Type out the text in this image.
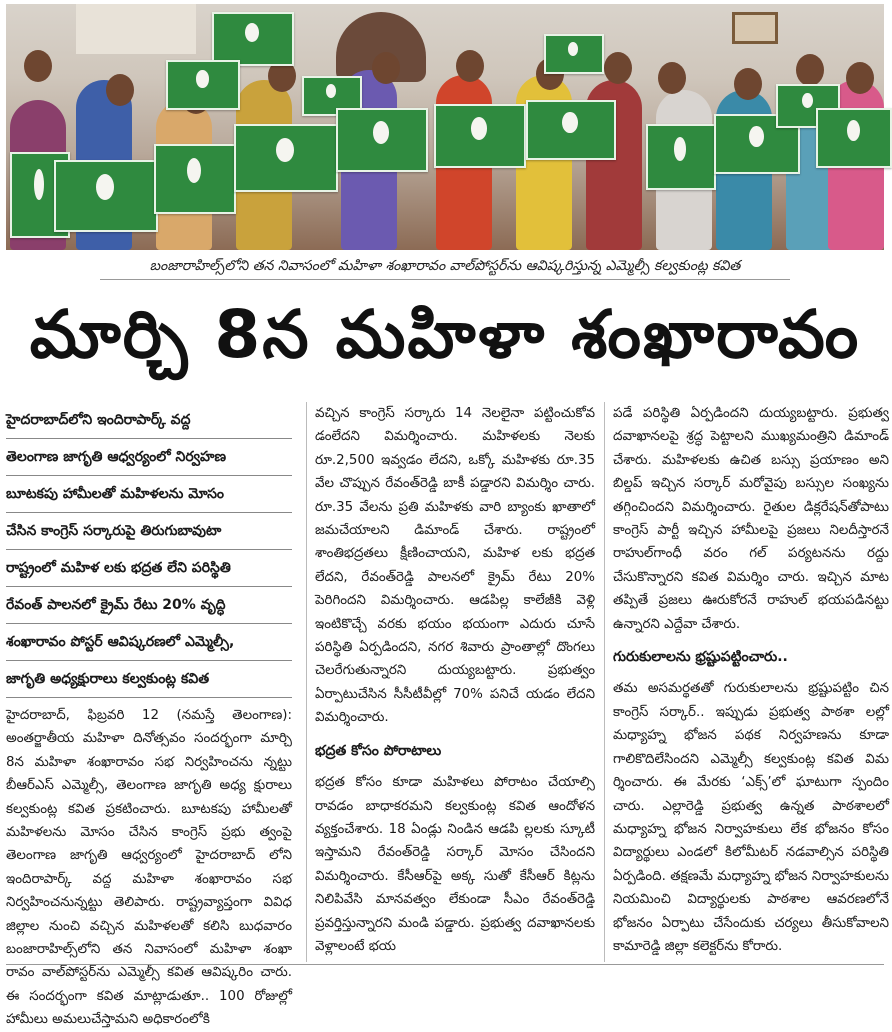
బంజారాహిల్స్‌లోని తన నివాసంలో మహిళా శంఖారావం వాల్‌పోస్టర్‌ను ఆవిష్కరిస్తున్న ఎమ్మెల్సీ కల్వకుంట్ల కవిత
మార్చి 8న మహిళా శంఖారావం
హైదరాబాద్‌లోని ఇందిరాపార్క్ వద్ద
తెలంగాణ జాగృతి ఆధ్వర్యంలో నిర్వహణ
బూటకపు హామీలతో మహిళలను మోసం
చేసిన కాంగ్రెస్ సర్కారుపై తిరుగుబావుటా
రాష్ట్రంలో మహిళ లకు భద్రత లేని పరిస్థితి
రేవంత్ పాలనలో క్రైమ్ రేటు 20% వృద్ధి
శంఖారావం పోస్టర్ ఆవిష్కరణలో ఎమ్మెల్సీ,
జాగృతి అధ్యక్షురాలు కల్వకుంట్ల కవిత

హైదరాబాద్, ఫిబ్రవరి 12 (నమస్తే తెలంగాణ): అంతర్జాతీయ మహిళా దినోత్సవం సందర్భంగా మార్చి 8న మహిళా శంఖారావం సభ నిర్వహించను న్నట్టు బీఆర్ఎస్ ఎమ్మెల్సీ, తెలంగాణ జాగృతి అధ్య క్షురాలు కల్వకుంట్ల కవిత ప్రకటించారు. బూటకపు హామీలతో మహిళలను మోసం చేసిన కాంగ్రెస్ ప్రభు త్వంపై తెలంగాణ జాగృతి ఆధ్వర్యంలో హైదరాబాద్ లోని ఇందిరాపార్క్ వద్ద మహిళా శంఖారావం సభ నిర్వహించనున్నట్టు తెలిపారు. రాష్ట్రవ్యాప్తంగా వివిధ జిల్లాల నుంచి వచ్చిన మహిళలతో కలిసి బుధవారం బంజారాహిల్స్‌లోని తన నివాసంలో మహిళా శంఖా రావం వాల్‌పోస్టర్‌ను ఎమ్మెల్సీ కవిత ఆవిష్కరిం చారు. ఈ సందర్భంగా కవిత మాట్లాడుతూ.. 100 రోజుల్లో హామీలు అమలుచేస్తామని అధికారంలోకి

వచ్చిన కాంగ్రెస్ సర్కారు 14 నెలలైనా పట్టించుకోవ డంలేదని విమర్శించారు. మహిళలకు నెలకు రూ.2,500 ఇవ్వడం లేదని, ఒక్కో మహిళకు రూ.35 వేల చొప్పున రేవంత్‌రెడ్డి బాకీ పడ్డారని విమర్శిం చారు. రూ.35 వేలను ప్రతి మహిళకు వారి బ్యాంకు ఖాతాలో జమచేయాలని డిమాండ్ చేశారు. రాష్ట్రంలో శాంతిభద్రతలు క్షీణించాయని, మహిళ లకు భద్రత లేదని, రేవంత్‌రెడ్డి పాలనలో క్రైమ్ రేటు 20% పెరిగిందని విమర్శించారు. ఆడపిల్ల కాలేజీకి వెళ్లి ఇంటికొచ్చే వరకు భయం భయంగా ఎదురు చూసే పరిస్థితి ఏర్పడిందని, నగర శివారు ప్రాంతాల్లో దొంగలు చెలరేగుతున్నారని దుయ్యబట్టారు. ప్రభుత్వం ఏర్పాటుచేసిన సీసీటీవీల్లో 70% పనిచే యడం లేదని విమర్శించారు.

భద్రత కోసం పోరాటాలు

భద్రత కోసం కూడా మహిళలు పోరాటం చేయాల్సి రావడం బాధాకరమని కల్వకుంట్ల కవిత ఆందోళన వ్యక్తంచేశారు. 18 ఏండ్లు నిండిన ఆడపి ల్లలకు స్కూటీ ఇస్తామని రేవంత్‌రెడ్డి సర్కార్ మోసం చేసిందని విమర్శించారు. కేసీఆర్‌పై అక్క సుతో కేసీఆర్ కిట్లను నిలిపివేసి మానవత్వం లేకుండా సీఎం రేవంత్‌రెడ్డి ప్రవర్తిస్తున్నారని మండి పడ్డారు. ప్రభుత్వ దవాఖానలకు వెళ్లాలంటే భయ

పడే పరిస్థితి ఏర్పడిందని దుయ్యబట్టారు. ప్రభుత్వ దవాఖానలపై శ్రద్ధ పెట్టాలని ముఖ్యమంత్రిని డిమాండ్ చేశారు. మహిళలకు ఉచిత బస్సు ప్రయాణం అని బిల్డప్ ఇచ్చిన సర్కార్ మరోవైపు బస్సుల సంఖ్యను తగ్గించిందని విమర్శించారు. రైతుల డిక్లరేషన్‌తోపాటు కాంగ్రెస్ పార్టీ ఇచ్చిన హామీలపై ప్రజలు నిలదీస్తారనే రాహుల్‌గాంధీ వరం గల్ పర్యటనను రద్దు చేసుకొన్నారని కవిత విమర్శిం చారు. ఇచ్చిన మాట తప్పితే ప్రజలు ఊరుకోరనే రాహుల్ భయపడినట్టు ఉన్నారని ఎద్దేవా చేశారు.

గురుకులాలను భ్రష్టుపట్టించారు..

తమ అసమర్థతతో గురుకులాలను భ్రష్టుపట్టిం చిన కాంగ్రెస్ సర్కార్.. ఇప్పుడు ప్రభుత్వ పాఠశా లల్లో మధ్యాహ్న భోజన పథక నిర్వహణను కూడా గాలికొదిలేసిందని ఎమ్మెల్సీ కల్వకుంట్ల కవిత విమ ర్శించారు. ఈ మేరకు ‘ఎక్స్’లో ఘాటుగా స్పందిం చారు. ఎల్లారెడ్డి ప్రభుత్వ ఉన్నత పాఠశాలలో మధ్యాహ్న భోజన నిర్వాహకులు లేక భోజనం కోసం విద్యార్థులు ఎండలో కిలోమీటర్ నడవాల్సిన పరిస్థితి ఏర్పడింది. తక్షణమే మధ్యాహ్న భోజన నిర్వాహకులను నియమించి విద్యార్థులకు పాఠశాల ఆవరణలోనే భోజనం ఏర్పాటు చేసేందుకు చర్యలు తీసుకోవాలని కామారెడ్డి జిల్లా కలెక్టర్‌ను కోరారు.
